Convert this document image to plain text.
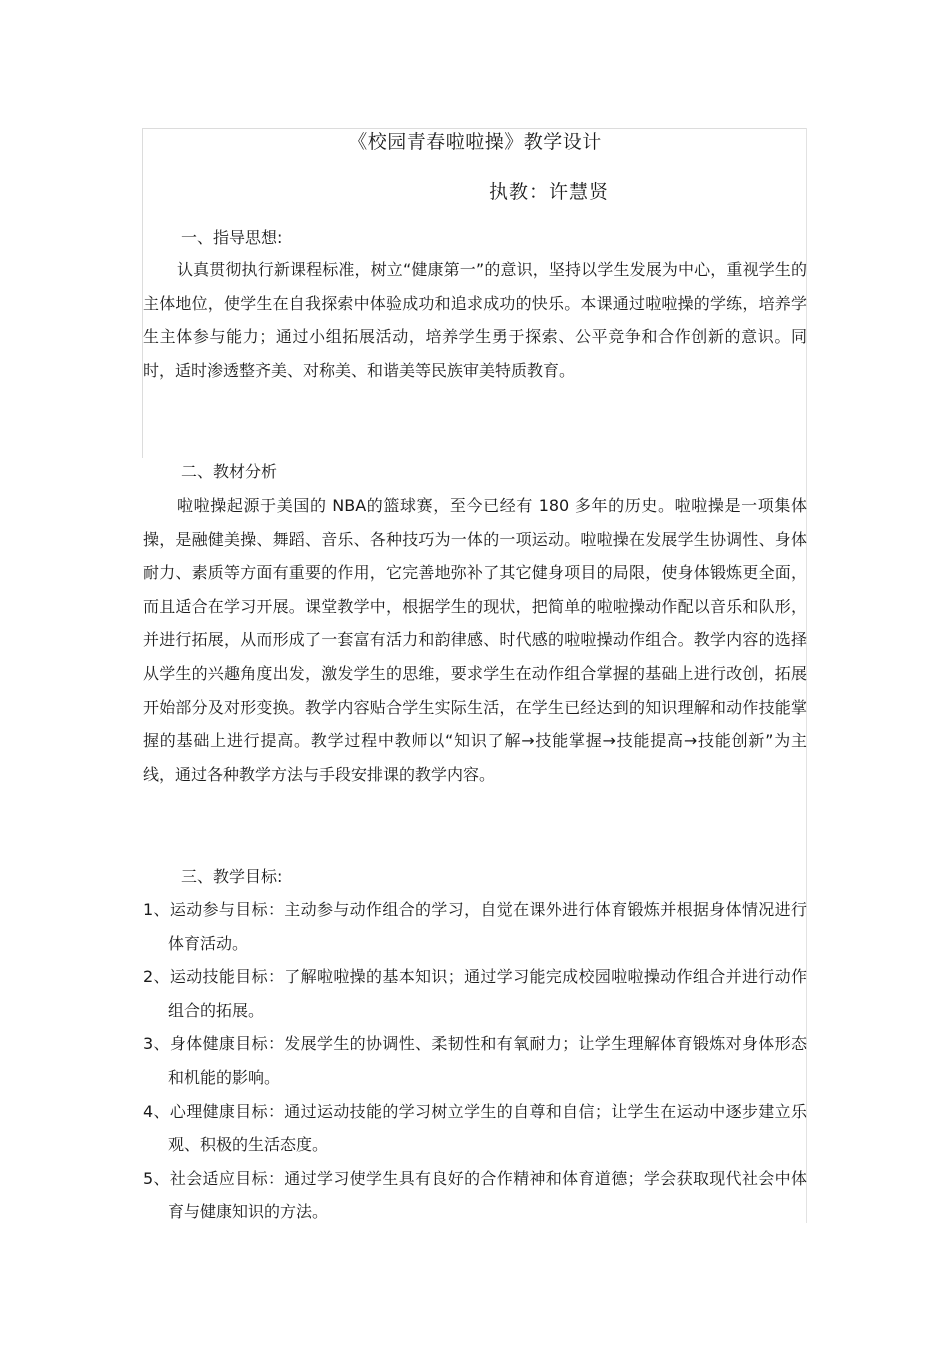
《校园青春啦啦操》教学设计
执教：许慧贤
一、指导思想:

认真贯彻执行新课程标准，树立“健康第一”的意识，坚持以学生发展为中心，重视学生的主体地位，使学生在自我探索中体验成功和追求成功的快乐。本课通过啦啦操的学练，培养学生主体参与能力；通过小组拓展活动，培养学生勇于探索、公平竞争和合作创新的意识。同时，适时渗透整齐美、对称美、和谐美等民族审美特质教育。

二、教材分析

啦啦操起源于美国的 NBA的篮球赛，至今已经有 180 多年的历史。啦啦操是一项集体操，是融健美操、舞蹈、音乐、各种技巧为一体的一项运动。啦啦操在发展学生协调性、身体耐力、素质等方面有重要的作用，它完善地弥补了其它健身项目的局限，使身体锻炼更全面，而且适合在学习开展。课堂教学中，根据学生的现状，把简单的啦啦操动作配以音乐和队形，并进行拓展，从而形成了一套富有活力和韵律感、时代感的啦啦操动作组合。教学内容的选择从学生的兴趣角度出发，激发学生的思维，要求学生在动作组合掌握的基础上进行改创，拓展开始部分及对形变换。教学内容贴合学生实际生活，在学生已经达到的知识理解和动作技能掌握的基础上进行提高。教学过程中教师以“知识了解→技能掌握→技能提高→技能创新”为主线，通过各种教学方法与手段安排课的教学内容。

三、教学目标:
1、运动参与目标：主动参与动作组合的学习，自觉在课外进行体育锻炼并根据身体情况进行体育活动。
2、运动技能目标：了解啦啦操的基本知识；通过学习能完成校园啦啦操动作组合并进行动作组合的拓展。
3、身体健康目标：发展学生的协调性、柔韧性和有氧耐力；让学生理解体育锻炼对身体形态和机能的影响。
4、心理健康目标：通过运动技能的学习树立学生的自尊和自信；让学生在运动中逐步建立乐观、积极的生活态度。
5、社会适应目标：通过学习使学生具有良好的合作精神和体育道德；学会获取现代社会中体育与健康知识的方法。
